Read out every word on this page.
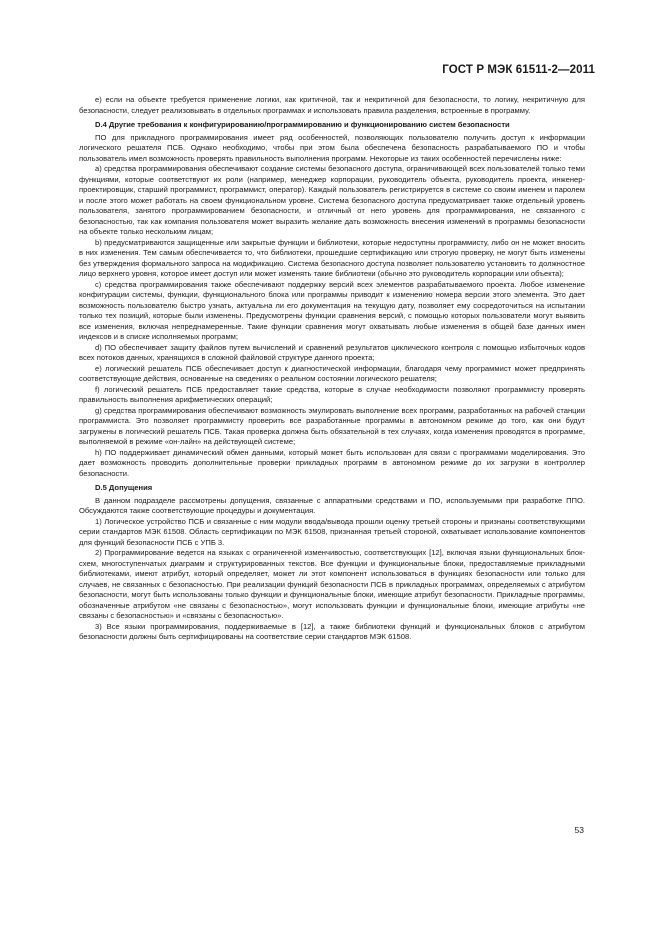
ГОСТ Р МЭК 61511-2—2011

е) если на объекте требуется применение логики, как критичной, так и некритичной для безопасности, то логику, некритичную для безопасности, следует реализовывать в отдельных программах и использовать правила разделения, встроенные в программу.

D.4 Другие требования к конфигурированию/программированию и функционированию систем безопасности

ПО для прикладного программирования имеет ряд особенностей, позволяющих пользователю получить доступ к информации логического решателя ПСБ. Однако необходимо, чтобы при этом была обеспечена безопасность разрабатываемого ПО и чтобы пользователь имел возможность проверять правильность выполнения программ. Некоторые из таких особенностей перечислены ниже:

а) средства программирования обеспечивают создание системы безопасного доступа, ограничивающей всех пользователей только теми функциями, которые соответствуют их роли (например, менеджер корпорации, руководитель объекта, руководитель проекта, инженер-проектировщик, старший программист, программист, оператор). Каждый пользователь регистрируется в системе со своим именем и паролем и после этого может работать на своем функциональном уровне. Система безопасного доступа предусматривает также отдельный уровень пользователя, занятого программированием безопасности, и отличный от него уровень для программирования, не связанного с безопасностью, так как компания пользователя может выразить желание дать возможность внесения изменений в программы безопасности на объекте только нескольким лицам;

b) предусматриваются защищенные или закрытые функции и библиотеки, которые недоступны программисту, либо он не может вносить в них изменения. Тем самым обеспечивается то, что библиотеки, прошедшие сертификацию или строгую проверку, не могут быть изменены без утверждения формального запроса на модификацию. Система безопасного доступа позволяет пользователю установить то должностное лицо верхнего уровня, которое имеет доступ или может изменять такие библиотеки (обычно это руководитель корпорации или объекта);

с) средства программирования также обеспечивают поддержку версий всех элементов разрабатываемого проекта. Любое изменение конфигурации системы, функции, функционального блока или программы приводит к изменению номера версии этого элемента. Это дает возможность пользователю быстро узнать, актуальна ли его документация на текущую дату, позволяет ему сосредоточиться на испытании только тех позиций, которые были изменены. Предусмотрены функции сравнения версий, с помощью которых пользователи могут выявить все изменения, включая непреднамеренные. Такие функции сравнения могут охватывать любые изменения в общей базе данных имен индексов и в списке исполняемых программ;

d) ПО обеспечивает защиту файлов путем вычислений и сравнений результатов циклического контроля с помощью избыточных кодов всех потоков данных, хранящихся в сложной файловой структуре данного проекта;

е) логический решатель ПСБ обеспечивает доступ к диагностической информации, благодаря чему программист может предпринять соответствующие действия, основанные на сведениях о реальном состоянии логического решателя;

f) логический решатель ПСБ предоставляет такие средства, которые в случае необходимости позволяют программисту проверять правильность выполнения арифметических операций;

g) средства программирования обеспечивают возможность эмулировать выполнение всех программ, разработанных на рабочей станции программиста. Это позволяет программисту проверить все разработанные программы в автономном режиме до того, как они будут загружены в логический решатель ПСБ. Такая проверка должна быть обязательной в тех случаях, когда изменения проводятся в программе, выполняемой в режиме «он-лайн» на действующей системе;

h) ПО поддерживает динамический обмен данными, который может быть использован для связи с программами моделирования. Это дает возможность проводить дополнительные проверки прикладных программ в автономном режиме до их загрузки в контроллер безопасности.

D.5 Допущения

В данном подразделе рассмотрены допущения, связанные с аппаратными средствами и ПО, используемыми при разработке ППО. Обсуждаются также соответствующие процедуры и документация.

1) Логическое устройство ПСБ и связанные с ним модули ввода/вывода прошли оценку третьей стороны и признаны соответствующими серии стандартов МЭК 61508. Область сертификации по МЭК 61508, признанная третьей стороной, охватывает использование компонентов для функций безопасности ПСБ с УПБ 3.

2) Программирование ведется на языках с ограниченной изменчивостью, соответствующих [12], включая языки функциональных блок-схем, многоступенчатых диаграмм и структурированных текстов. Все функции и функциональные блоки, предоставляемые прикладными библиотеками, имеют атрибут, который определяет, может ли этот компонент использоваться в функциях безопасности или только для случаев, не связанных с безопасностью. При реализации функций безопасности ПСБ в прикладных программах, определяемых с атрибутом безопасности, могут быть использованы только функции и функциональные блоки, имеющие атрибут безопасности. Прикладные программы, обозначенные атрибутом «не связаны с безопасностью», могут использовать функции и функциональные блоки, имеющие атрибуты «не связаны с безопасностью» и «связаны с безопасностью».

3) Все языки программирования, поддерживаемые в [12], а также библиотеки функций и функциональных блоков с атрибутом безопасности должны быть сертифицированы на соответствие серии стандартов МЭК 61508.

53
